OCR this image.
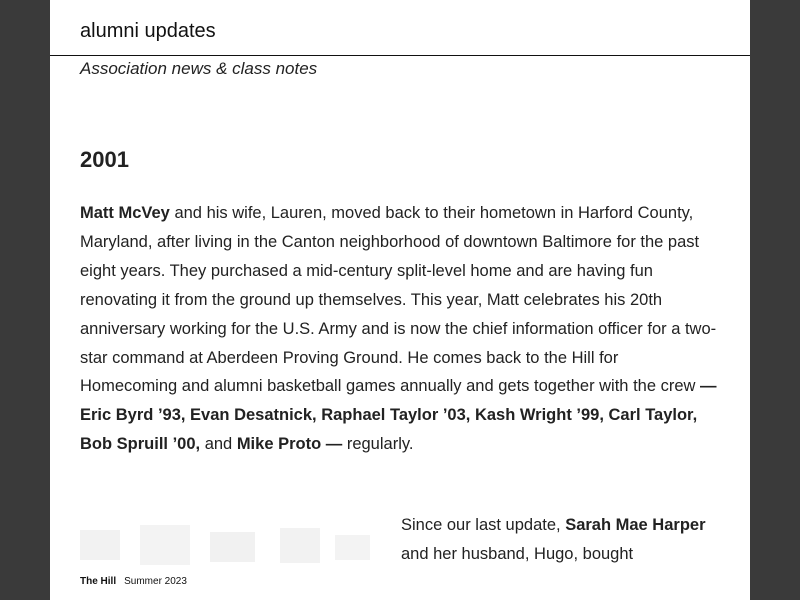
alumni updates
Association news & class notes
2001

Matt McVey and his wife, Lauren, moved back to their hometown in Harford County, Maryland, after living in the Canton neighborhood of downtown Baltimore for the past eight years. They purchased a mid-century split-level home and are having fun renovating it from the ground up themselves. This year, Matt celebrates his 20th anniversary working for the U.S. Army and is now the chief information officer for a two-star command at Aberdeen Proving Ground. He comes back to the Hill for Homecoming and alumni basketball games annually and gets together with the crew — Eric Byrd ’93, Evan Desatnick, Raphael Taylor ’03, Kash Wright ’99, Carl Taylor, Bob Spruill ’00, and Mike Proto — regularly.

Since our last update, Sarah Mae Harper and her husband, Hugo, bought

The Hill Summer 2023
